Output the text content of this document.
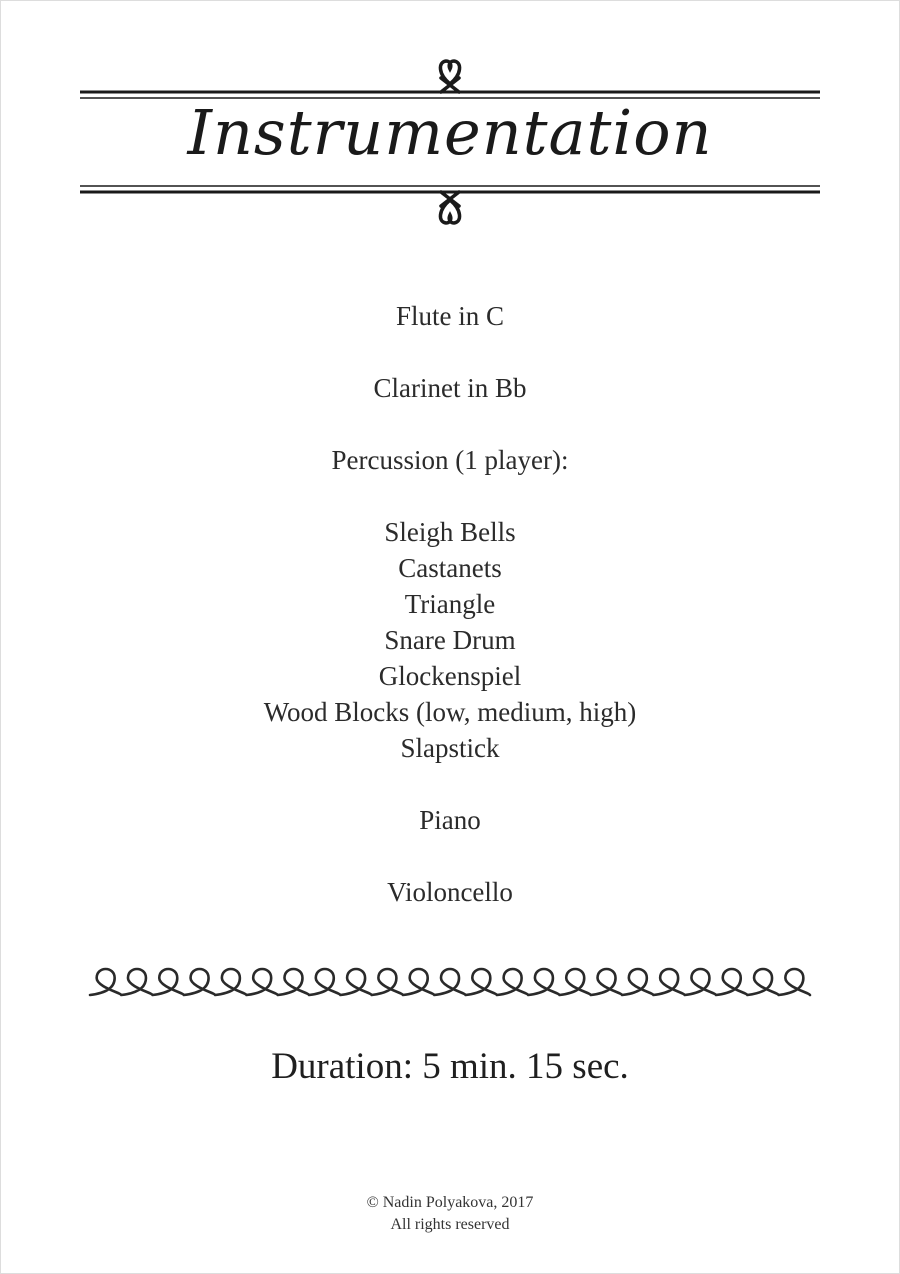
Instrumentation
Flute in C
Clarinet in Bb
Percussion (1 player):
Sleigh Bells
Castanets
Triangle
Snare Drum
Glockenspiel
Wood Blocks (low, medium, high)
Slapstick
Piano
Violoncello
Duration: 5 min. 15 sec.
© Nadin Polyakova, 2017
All rights reserved
